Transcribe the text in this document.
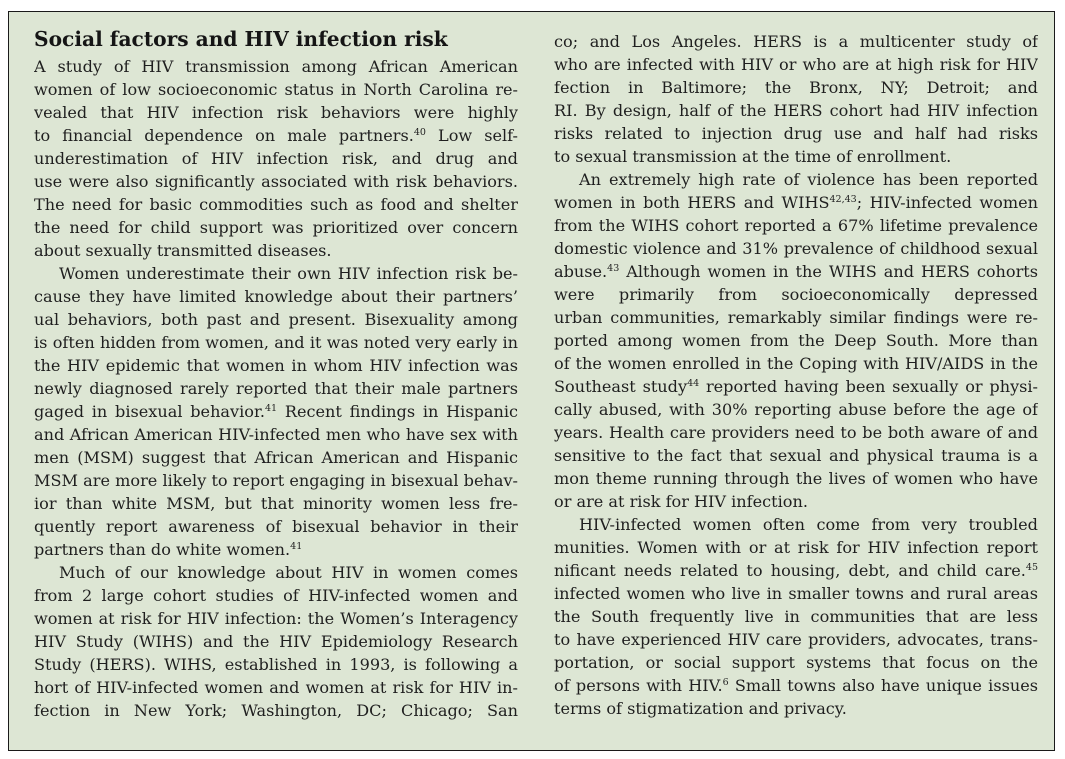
Social factors and HIV infection risk
A study of HIV transmission among African American
women of low socioeconomic status in North Carolina re-
vealed that HIV infection risk behaviors were highly
to financial dependence on male partners.$^{40}$ Low self-
underestimation of HIV infection risk, and drug and
use were also significantly associated with risk behaviors.
The need for basic commodities such as food and shelter
the need for child support was prioritized over concern
about sexually transmitted diseases.
Women underestimate their own HIV infection risk be-
cause they have limited knowledge about their partners’
ual behaviors, both past and present. Bisexuality among
is often hidden from women, and it was noted very early in
the HIV epidemic that women in whom HIV infection was
newly diagnosed rarely reported that their male partners
gaged in bisexual behavior.$^{41}$ Recent findings in Hispanic
and African American HIV-infected men who have sex with
men (MSM) suggest that African American and Hispanic
MSM are more likely to report engaging in bisexual behav-
ior than white MSM, but that minority women less fre-
quently report awareness of bisexual behavior in their
partners than do white women.$^{41}$
Much of our knowledge about HIV in women comes
from 2 large cohort studies of HIV-infected women and
women at risk for HIV infection: the Women’s Interagency
HIV Study (WIHS) and the HIV Epidemiology Research
Study (HERS). WIHS, established in 1993, is following a
hort of HIV-infected women and women at risk for HIV in-
fection in New York; Washington, DC; Chicago; San
co; and Los Angeles. HERS is a multicenter study of
who are infected with HIV or who are at high risk for HIV
fection in Baltimore; the Bronx, NY; Detroit; and
RI. By design, half of the HERS cohort had HIV infection
risks related to injection drug use and half had risks
to sexual transmission at the time of enrollment.
An extremely high rate of violence has been reported
women in both HERS and WIHS$^{42,43}$; HIV-infected women
from the WIHS cohort reported a 67% lifetime prevalence
domestic violence and 31% prevalence of childhood sexual
abuse.$^{43}$ Although women in the WIHS and HERS cohorts
were primarily from socioeconomically depressed
urban communities, remarkably similar findings were re-
ported among women from the Deep South. More than
of the women enrolled in the Coping with HIV/AIDS in the
Southeast study$^{44}$ reported having been sexually or physi-
cally abused, with 30% reporting abuse before the age of
years. Health care providers need to be both aware of and
sensitive to the fact that sexual and physical trauma is a
mon theme running through the lives of women who have
or are at risk for HIV infection.
HIV-infected women often come from very troubled
munities. Women with or at risk for HIV infection report
nificant needs related to housing, debt, and child care.$^{45}$
infected women who live in smaller towns and rural areas
the South frequently live in communities that are less
to have experienced HIV care providers, advocates, trans-
portation, or social support systems that focus on the
of persons with HIV.$^6$ Small towns also have unique issues
terms of stigmatization and privacy.
